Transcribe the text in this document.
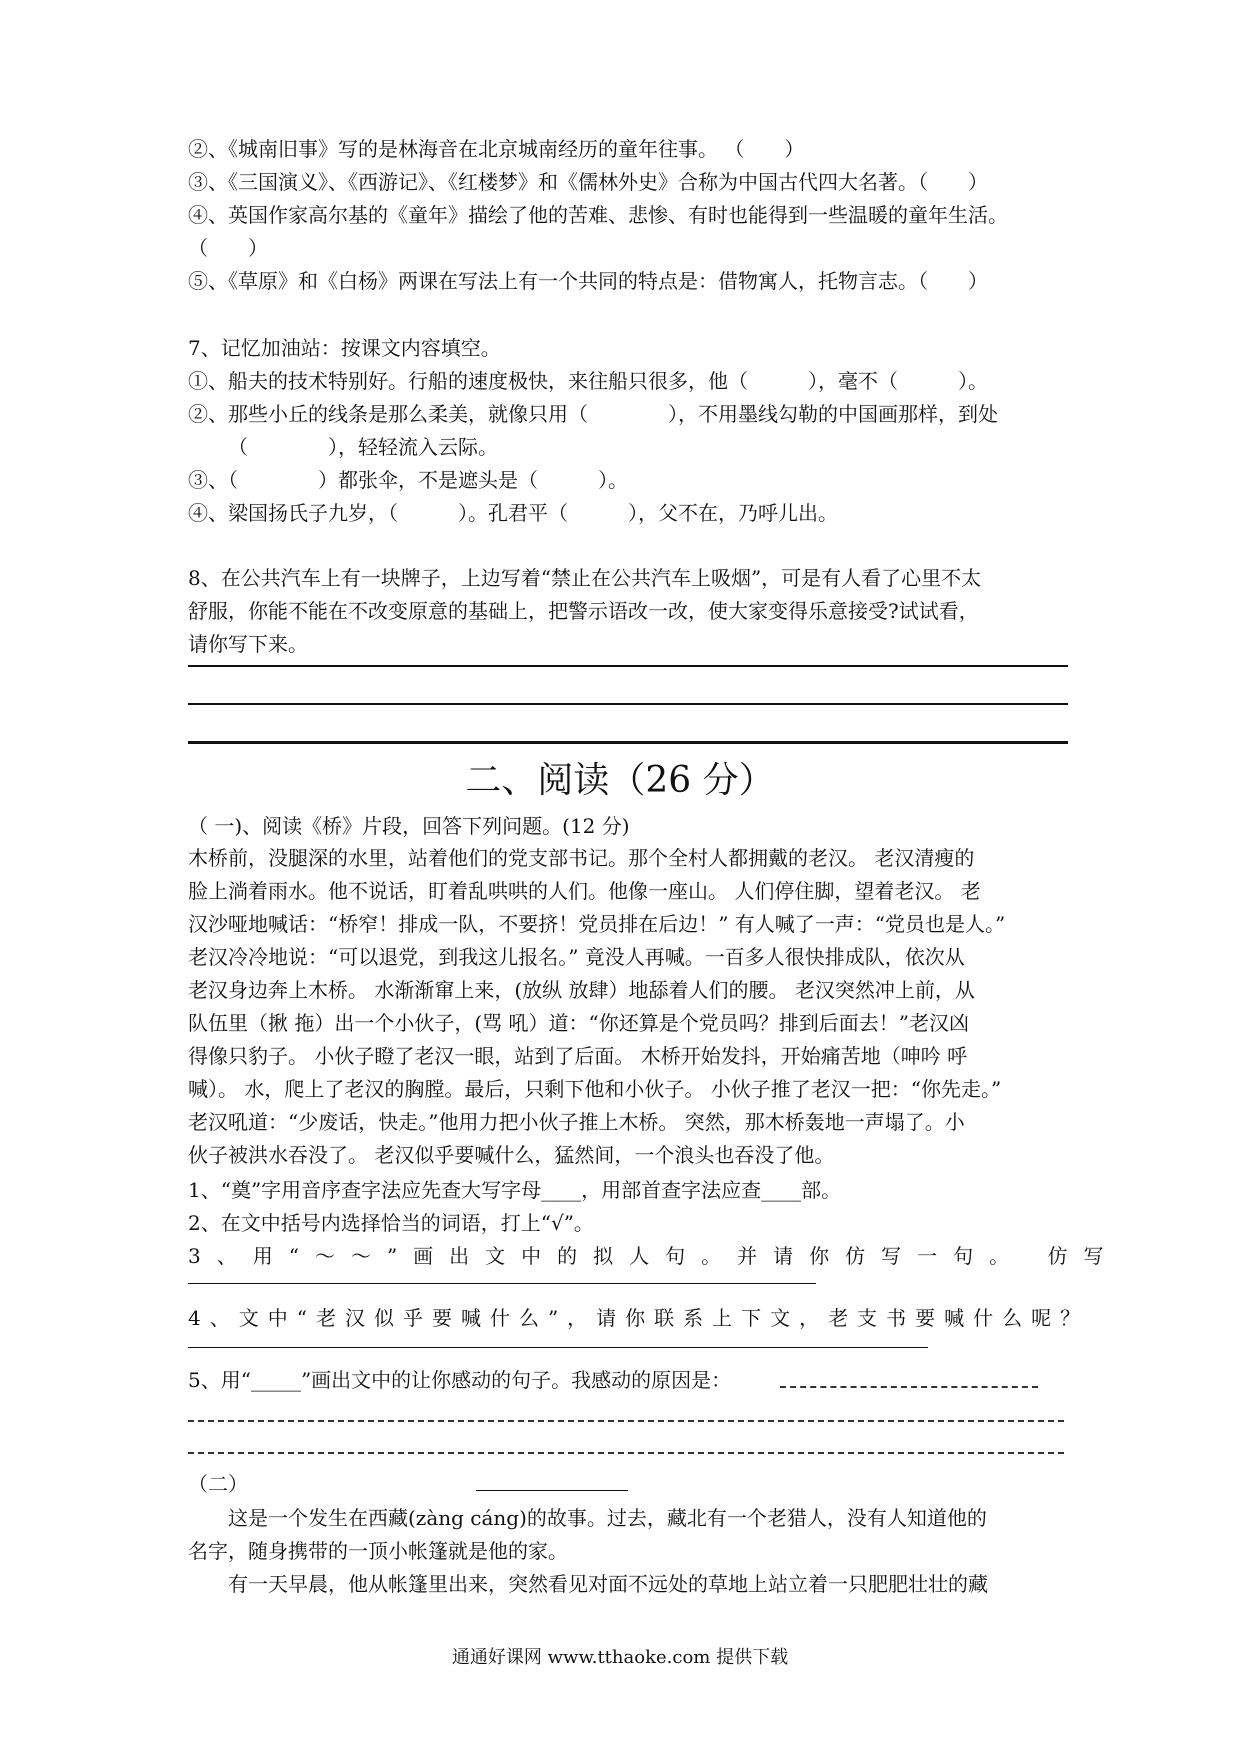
②、《城南旧事》写的是林海音在北京城南经历的童年往事。 （　　）
③、《三国演义》、《西游记》、《红楼梦》和《儒林外史》合称为中国古代四大名著。（　　）
④、英国作家高尔基的《童年》描绘了他的苦难、悲惨、有时也能得到一些温暖的童年生活。
（　　）
⑤、《草原》和《白杨》两课在写法上有一个共同的特点是：借物寓人，托物言志。（　　）
7、记忆加油站：按课文内容填空。
①、船夫的技术特别好。行船的速度极快，来往船只很多，他（　　　），毫不（　　　）。
②、那些小丘的线条是那么柔美，就像只用（　　　　），不用墨线勾勒的中国画那样，到处
（　　　　），轻轻流入云际。
③、（　　　　）都张伞，不是遮头是（　　　）。
④、梁国扬氏子九岁，（　　　）。孔君平（　　　），父不在，乃呼儿出。
8、在公共汽车上有一块牌子，上边写着“禁止在公共汽车上吸烟”，可是有人看了心里不太
舒服，你能不能在不改变原意的基础上，把警示语改一改，使大家变得乐意接受?试试看，
请你写下来。
二、阅读（26 分）
（ 一)、阅读《桥》片段，回答下列问题。(12 分)
木桥前，没腿深的水里，站着他们的党支部书记。那个全村人都拥戴的老汉。 老汉清瘦的
脸上淌着雨水。他不说话，盯着乱哄哄的人们。他像一座山。 人们停住脚，望着老汉。 老
汉沙哑地喊话：“桥窄！排成一队，不要挤！党员排在后边！” 有人喊了一声：“党员也是人。”
老汉冷冷地说：“可以退党，到我这儿报名。” 竟没人再喊。一百多人很快排成队，依次从
老汉身边奔上木桥。 水渐渐窜上来，(放纵 放肆）地舔着人们的腰。 老汉突然冲上前，从
队伍里（揪 拖）出一个小伙子，(骂 吼）道：“你还算是个党员吗？排到后面去！”老汉凶
得像只豹子。 小伙子瞪了老汉一眼，站到了后面。 木桥开始发抖，开始痛苦地（呻吟 呼
喊）。 水，爬上了老汉的胸膛。最后，只剩下他和小伙子。 小伙子推了老汉一把：“你先走。”
老汉吼道：“少废话，快走。”他用力把小伙子推上木桥。 突然，那木桥轰地一声塌了。小
伙子被洪水吞没了。 老汉似乎要喊什么，猛然间，一个浪头也吞没了他。
1、“奠”字用音序查字法应先查大写字母____，用部首查字法应查____部。
2、在文中括号内选择恰当的词语，打上“√”。
3、用“～～”画出文中的拟人句。并请你仿写一句。 仿写
4、文中“老汉似乎要喊什么”，请你联系上下文，老支书要喊什么呢？
5、用“_____”画出文中的让你感动的句子。我感动的原因是：
（二）
　　这是一个发生在西藏(zàng cáng)的故事。过去，藏北有一个老猎人，没有人知道他的
名字，随身携带的一顶小帐篷就是他的家。
　　有一天早晨，他从帐篷里出来，突然看见对面不远处的草地上站立着一只肥肥壮壮的藏
通通好课网 www.tthaoke.com 提供下载
